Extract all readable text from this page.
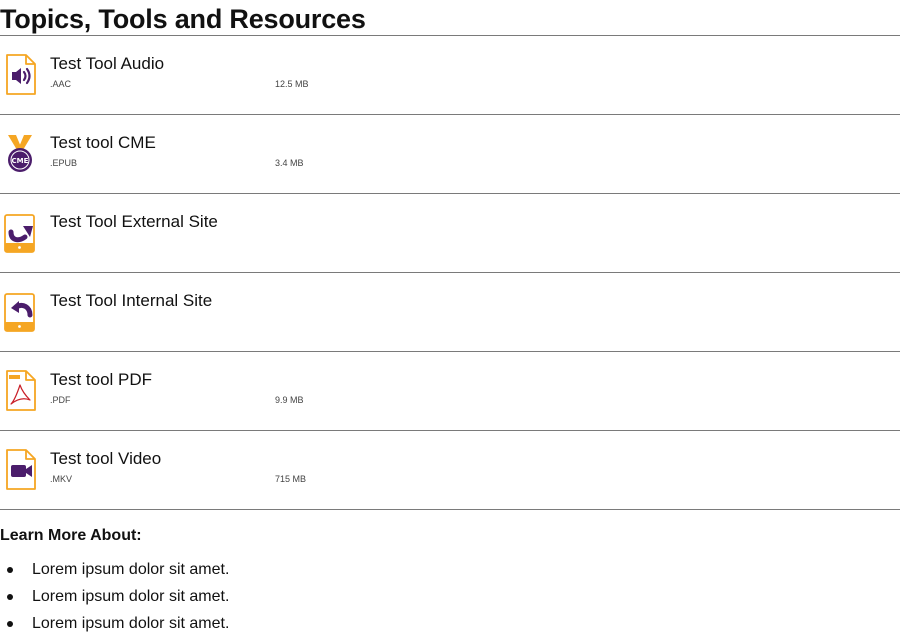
Topics, Tools and Resources
Test Tool Audio
.AAC	12.5 MB
CME
Test tool CME
.EPUB	3.4 MB
Test Tool External Site
Test Tool Internal Site
Test tool PDF
.PDF	9.9 MB
Test tool Video
.MKV	715 MB
Learn More About:
Lorem ipsum dolor sit amet.
Lorem ipsum dolor sit amet.
Lorem ipsum dolor sit amet.
